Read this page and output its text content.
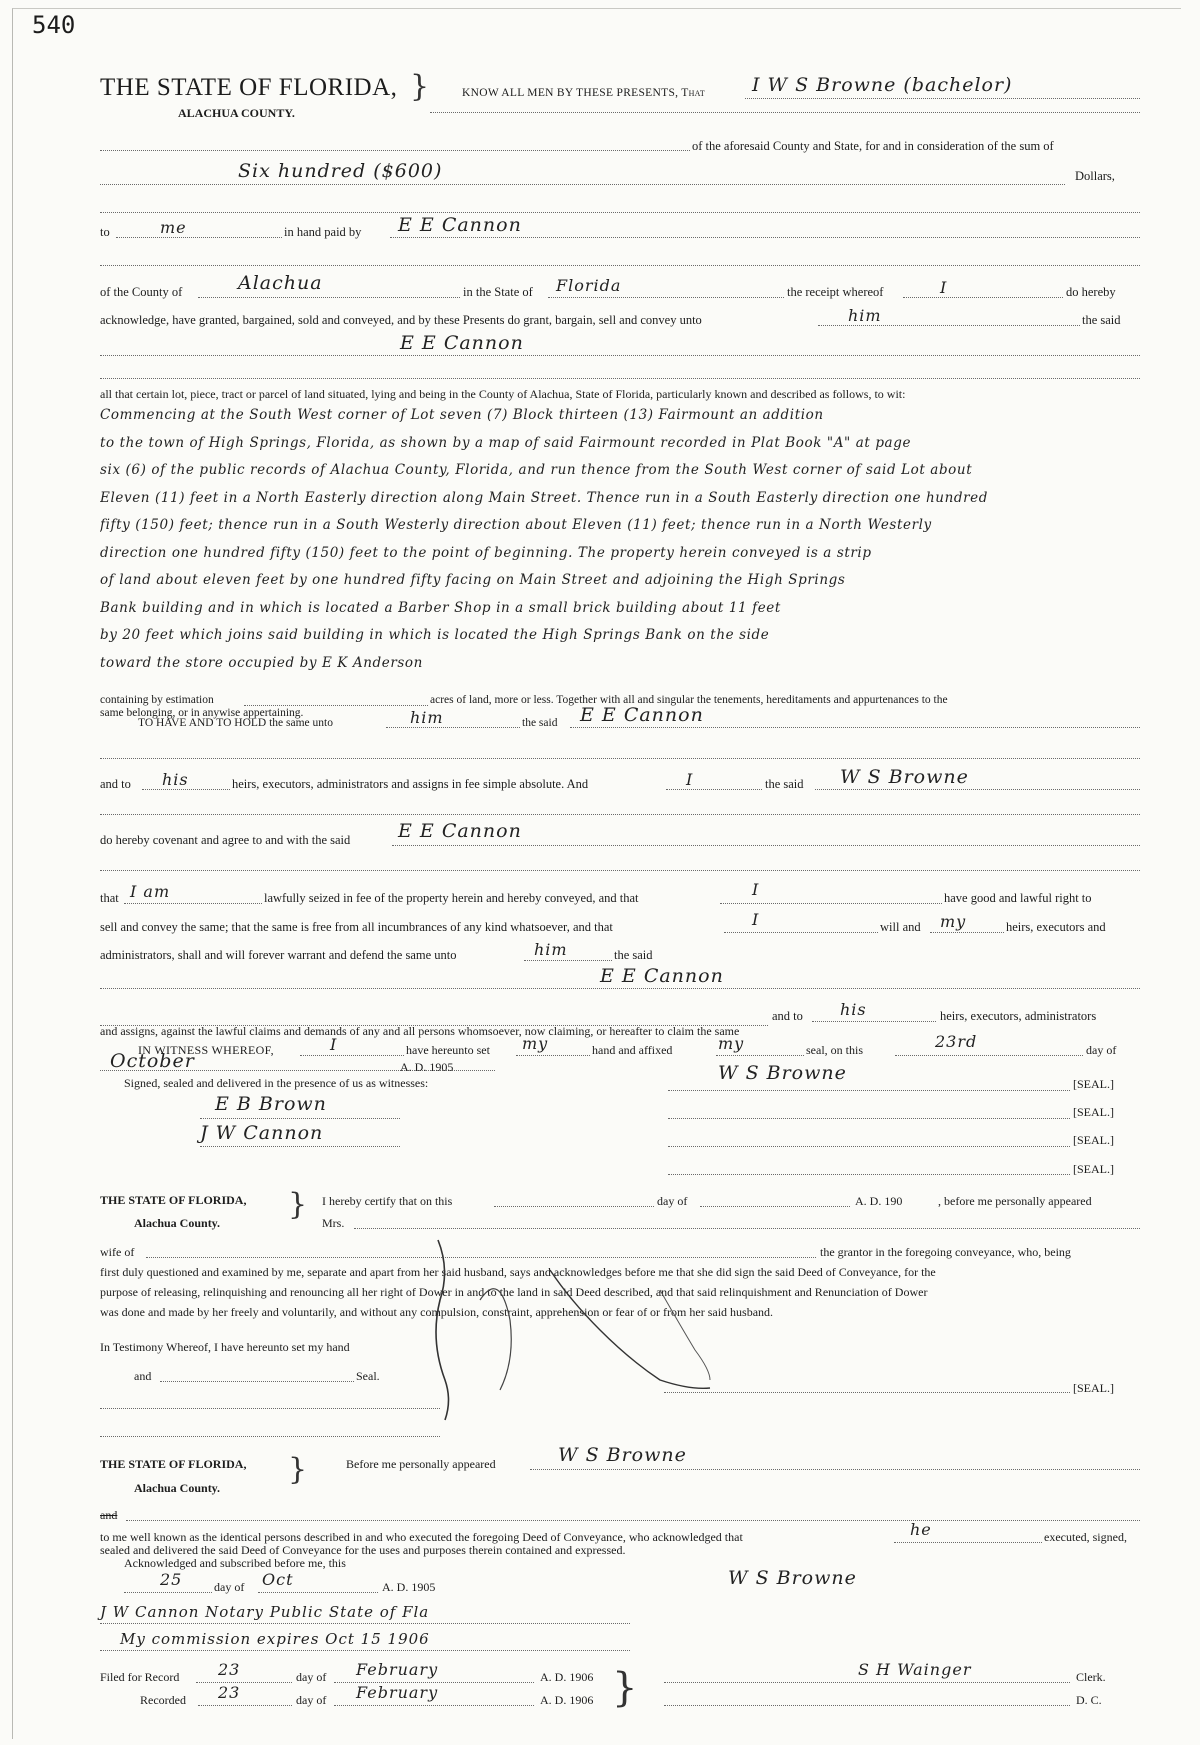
540
THE STATE OF FLORIDA, }
ALACHUA COUNTY.
KNOW ALL MEN BY THESE PRESENTS, That I W S Browne (bachelor)
of the aforesaid County and State, for and in consideration of the sum of
Six hundred ($600)	Dollars,
to	me	in hand paid by E E Cannon
of the County of	Alachua	in the State of Florida	the receipt whereof	I	do hereby
acknowledge, have granted, bargained, sold and conveyed, and by these Presents do grant, bargain, sell and convey unto	him	the said
E E Cannon
all that certain lot, piece, tract or parcel of land situated, lying and being in the County of Alachua, State of Florida, particularly known and described as follows, to wit:
Commencing at the South West corner of Lot seven (7) Block thirteen (13) Fairmount an addition
to the town of High Springs, Florida, as shown by a map of said Fairmount recorded in Plat Book "A" at page
six (6) of the public records of Alachua County, Florida, and run thence from the South West corner of said Lot about
Eleven (11) feet in a North Easterly direction along Main Street. Thence run in a South Easterly direction one hundred
fifty (150) feet; thence run in a South Westerly direction about Eleven (11) feet; thence run in a North Westerly
direction one hundred fifty (150) feet to the point of beginning. The property herein conveyed is a strip
of land about eleven feet by one hundred fifty facing on Main Street and adjoining the High Springs
Bank building and in which is located a Barber Shop in a small brick building about 11 feet
by 20 feet which joins said building in which is located the High Springs Bank on the side
toward the store occupied by E K Anderson
containing by estimation	acres of land, more or less. Together with all and singular the tenements, hereditaments and appurtenances to the
same belonging, or in anywise appertaining.
TO HAVE AND TO HOLD the same unto	him	the said E E Cannon
and to his	heirs, executors, administrators and assigns in fee simple absolute. And	I	the said W S Browne
do hereby covenant and agree to and with the said	E E Cannon
that I am	lawfully seized in fee of the property herein and hereby conveyed, and that	I	have good and lawful right to
sell and convey the same; that the same is free from all incumbrances of any kind whatsoever, and that	I	will and my	heirs, executors and
administrators, shall and will forever warrant and defend the same unto	him	the said
E E Cannon
and to his	heirs, executors, administrators
and assigns, against the lawful claims and demands of any and all persons whomsoever, now claiming, or hereafter to claim the same
IN WITNESS WHEREOF,	I	have hereunto set my	hand and affixed	my	seal, on this	23rd	day of
October	A. D. 1905
Signed, sealed and delivered in the presence of us as witnesses:	W S Browne	[SEAL.]
E B Brown	[SEAL.]
J W Cannon	[SEAL.]
[SEAL.]
THE STATE OF FLORIDA,
Alachua County.
} I hereby certify that on this	day of	A. D. 190	, before me personally appeared
Mrs.
wife of	the grantor in the foregoing conveyance, who, being
first duly questioned and examined by me, separate and apart from her said husband, says and acknowledges before me that she did sign the said Deed of Conveyance, for the
purpose of releasing, relinquishing and renouncing all her right of Dower in and to the land in said Deed described, and that said relinquishment and Renunciation of Dower
was done and made by her freely and voluntarily, and without any compulsion, constraint, apprehension or fear of or from her said husband.
In Testimony Whereof, I have hereunto set my hand
and	Seal.
[SEAL.]
THE STATE OF FLORIDA,
Alachua County.
}	Before me personally appeared	W S Browne
and
to me well known as the identical persons described in and who executed the foregoing Deed of Conveyance, who acknowledged that	he	executed, signed,
sealed and delivered the said Deed of Conveyance for the uses and purposes therein contained and expressed.
Acknowledged and subscribed before me, this
25	day of Oct	A. D. 1905	W S Browne
J W Cannon Notary Public State of Fla
My commission expires Oct 15 1906
Filed for Record 23	day of February	A. D. 1906	S H Wainger	Clerk.
Recorded 23	day of February	A. D. 1906	D. C.
}
